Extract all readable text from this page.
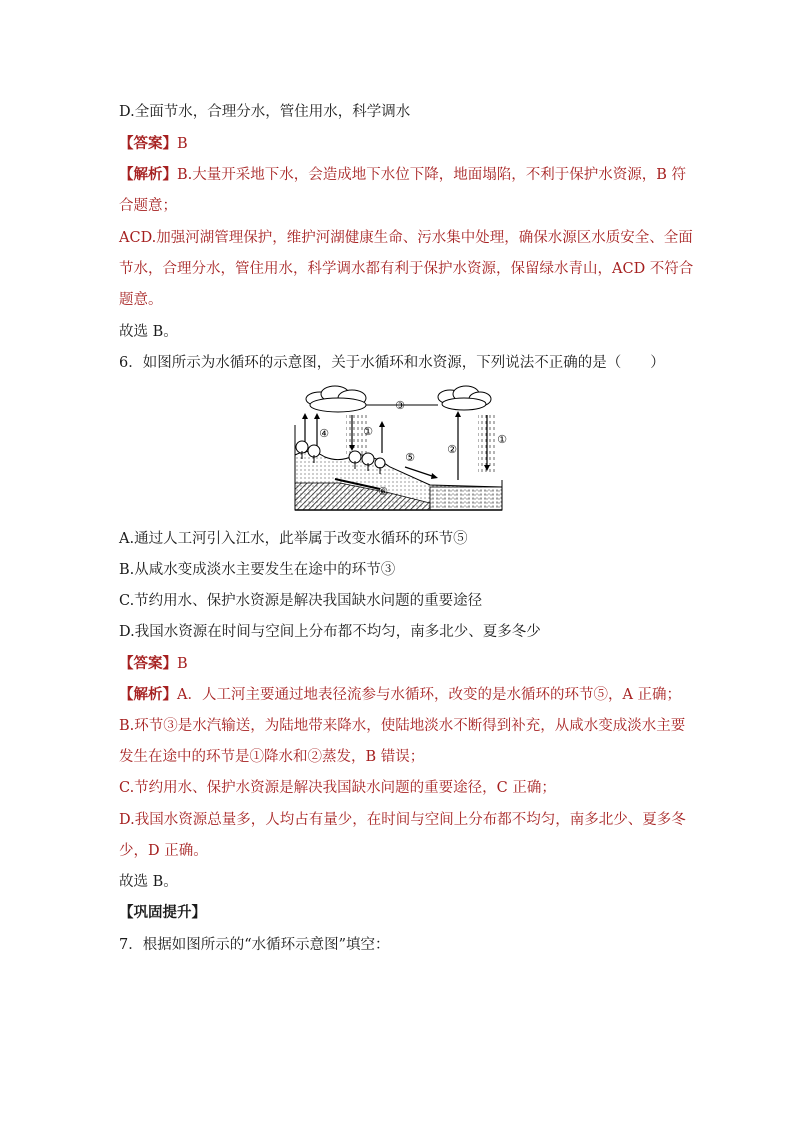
D.全面节水，合理分水，管住用水，科学调水
【答案】B
【解析】B.大量开采地下水，会造成地下水位下降，地面塌陷，不利于保护水资源，B 符
合题意；
ACD.加强河湖管理保护，维护河湖健康生命、污水集中处理，确保水源区水质安全、全面
节水，合理分水，管住用水，科学调水都有利于保护水资源，保留绿水青山，ACD 不符合
题意。
故选 B。
6．如图所示为水循环的示意图，关于水循环和水资源，下列说法不正确的是（　　）
③
④	①
②
①
⑤
⑥
A.通过人工河引入江水，此举属于改变水循环的环节⑤
B.从咸水变成淡水主要发生在途中的环节③
C.节约用水、保护水资源是解决我国缺水问题的重要途径
D.我国水资源在时间与空间上分布都不均匀，南多北少、夏多冬少
【答案】B
【解析】A．人工河主要通过地表径流参与水循环，改变的是水循环的环节⑤，A 正确；
B.环节③是水汽输送，为陆地带来降水，使陆地淡水不断得到补充，从咸水变成淡水主要
发生在途中的环节是①降水和②蒸发，B 错误；
C.节约用水、保护水资源是解决我国缺水问题的重要途径，C 正确；
D.我国水资源总量多，人均占有量少，在时间与空间上分布都不均匀，南多北少、夏多冬
少，D 正确。
故选 B。
【巩固提升】
7．根据如图所示的“水循环示意图”填空：
